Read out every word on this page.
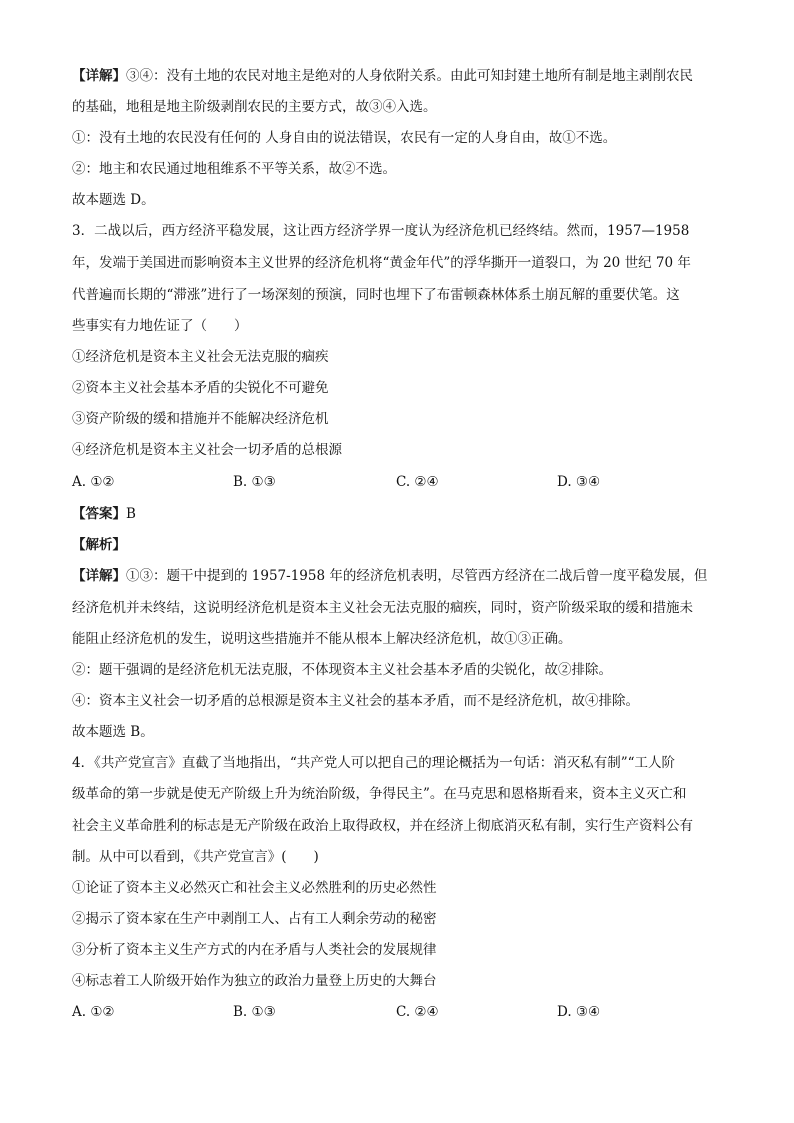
【详解】③④：没有土地的农民对地主是绝对的人身依附关系。由此可知封建土地所有制是地主剥削农民
的基础，地租是地主阶级剥削农民的主要方式，故③④入选。
①：没有土地的农民没有任何的 人身自由的说法错误，农民有一定的人身自由，故①不选。
②：地主和农民通过地租维系不平等关系，故②不选。
故本题选 D。
3．二战以后，西方经济平稳发展，这让西方经济学界一度认为经济危机已经终结。然而，1957—1958
年，发端于美国进而影响资本主义世界的经济危机将“黄金年代”的浮华撕开一道裂口，为 20 世纪 70 年
代普遍而长期的“滞涨”进行了一场深刻的预演，同时也埋下了布雷顿森林体系土崩瓦解的重要伏笔。这
些事实有力地佐证了（　　）
①经济危机是资本主义社会无法克服的痼疾
②资本主义社会基本矛盾的尖锐化不可避免
③资产阶级的缓和措施并不能解决经济危机
④经济危机是资本主义社会一切矛盾的总根源
A. ①②	B. ①③	C. ②④	D. ③④
【答案】B
【解析】
【详解】①③：题干中提到的 1957-1958 年的经济危机表明，尽管西方经济在二战后曾一度平稳发展，但
经济危机并未终结，这说明经济危机是资本主义社会无法克服的痼疾，同时，资产阶级采取的缓和措施未
能阻止经济危机的发生，说明这些措施并不能从根本上解决经济危机，故①③正确。
②：题干强调的是经济危机无法克服，不体现资本主义社会基本矛盾的尖锐化，故②排除。
④：资本主义社会一切矛盾的总根源是资本主义社会的基本矛盾，而不是经济危机，故④排除。
故本题选 B。
4．《共产党宣言》直截了当地指出，“共产党人可以把自己的理论概括为一句话：消灭私有制”“工人阶
级革命的第一步就是使无产阶级上升为统治阶级，争得民主”。在马克思和恩格斯看来，资本主义灭亡和
社会主义革命胜利的标志是无产阶级在政治上取得政权，并在经济上彻底消灭私有制，实行生产资料公有
制。从中可以看到，《共产党宣言》(　　)
①论证了资本主义必然灭亡和社会主义必然胜利的历史必然性
②揭示了资本家在生产中剥削工人、占有工人剩余劳动的秘密
③分析了资本主义生产方式的内在矛盾与人类社会的发展规律
④标志着工人阶级开始作为独立的政治力量登上历史的大舞台
A. ①②	B. ①③	C. ②④	D. ③④
